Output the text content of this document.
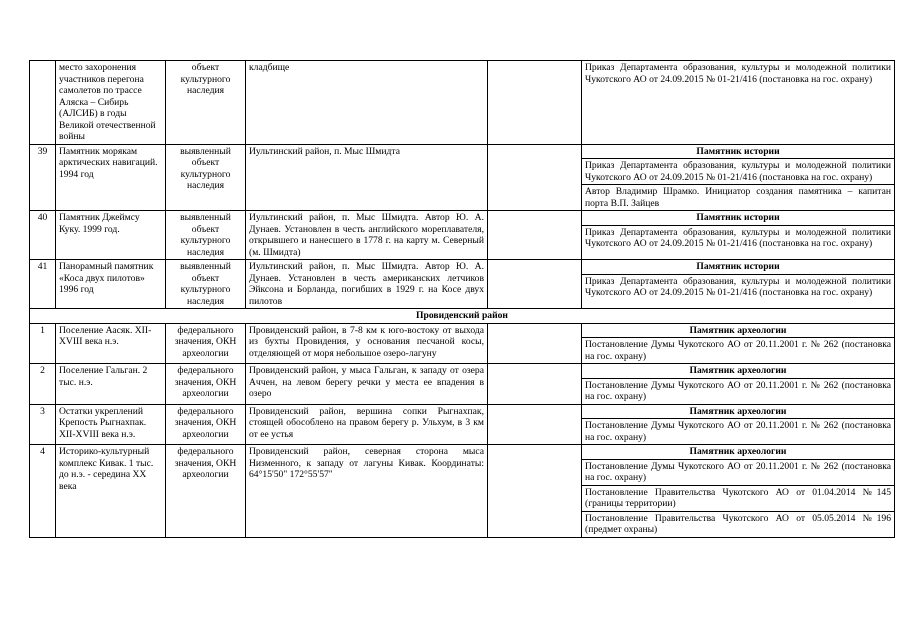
	место захоронения участников перегона самолетов по трассе Аляска – Сибирь (АЛСИБ) в годы Великой отечественной войны	объект культурного наследия	кладбище		Приказ Департамента образования, культуры и молодежной политики Чукотского АО от 24.09.2015 № 01-21/416 (постановка на гос. охрану)

39	Памятник морякам арктических навигаций. 1994 год	выявленный объект культурного наследия	Иультинский район, п. Мыс Шмидта		Памятник истории
Приказ Департамента образования, культуры и молодежной политики Чукотского АО от 24.09.2015 № 01-21/416 (постановка на гос. охрану)
Автор Владимир Шрамко. Инициатор создания памятника – капитан порта В.П. Зайцев

40	Памятник Джеймсу Куку. 1999 год.	выявленный объект культурного наследия	Иультинский район, п. Мыс Шмидта. Автор Ю. А. Дунаев. Установлен в честь английского мореплавателя, открывшего и нанесшего в 1778 г. на карту м. Северный (м. Шмидта)		Памятник истории
Приказ Департамента образования, культуры и молодежной политики Чукотского АО от 24.09.2015 № 01-21/416 (постановка на гос. охрану)

41	Панорамный памятник «Коса двух пилотов» 1996 год	выявленный объект культурного наследия	Иультинский район, п. Мыс Шмидта. Автор Ю. А. Дунаев. Установлен в честь американских летчиков Эйксона и Борланда, погибших в 1929 г. на Косе двух пилотов		Памятник истории
Приказ Департамента образования, культуры и молодежной политики Чукотского АО от 24.09.2015 № 01-21/416 (постановка на гос. охрану)

Провиденский район					
1	Поселение Аасяк. XII-XVIII века н.э.	федерального значения, ОКН археологии	Провиденский район, в 7-8 км к юго-востоку от выхода из бухты Провидения, у основания песчаной косы, отделяющей от моря небольшое озеро-лагуну		Памятник археологии
Постановление Думы Чукотского АО от 20.11.2001 г. № 262 (постановка на гос. охрану)

2	Поселение Гальган. 2 тыс. н.э.	федерального значения, ОКН археологии	Провиденский район, у мыса Гальган, к западу от озера Аччен, на левом берегу речки у места ее впадения в озеро		Памятник археологии
Постановление Думы Чукотского АО от 20.11.2001 г. № 262 (постановка на гос. охрану)

3	Остатки укреплений Крепость Рыгнахпак. XII-XVIII века н.э.	федерального значения, ОКН археологии	Провиденский район, вершина сопки Рыгнахпак, стоящей обособлено на правом берегу р. Ульхум, в 3 км от ее устья		Памятник археологии
Постановление Думы Чукотского АО от 20.11.2001 г. № 262 (постановка на гос. охрану)

4	Историко-культурный комплекс Кивак. 1 тыс. до н.э. - середина XX века	федерального значения, ОКН археологии	Провиденский район, северная сторона мыса Низменного, к западу от лагуны Кивак. Координаты: 64°15'50" 172°55'57"		Памятник археологии
Постановление Думы Чукотского АО от 20.11.2001 г. № 262 (постановка на гос. охрану)
Постановление Правительства Чукотского АО от 01.04.2014 №145 (границы территории)
Постановление Правительства Чукотского АО от 05.05.2014 №196 (предмет охраны)
